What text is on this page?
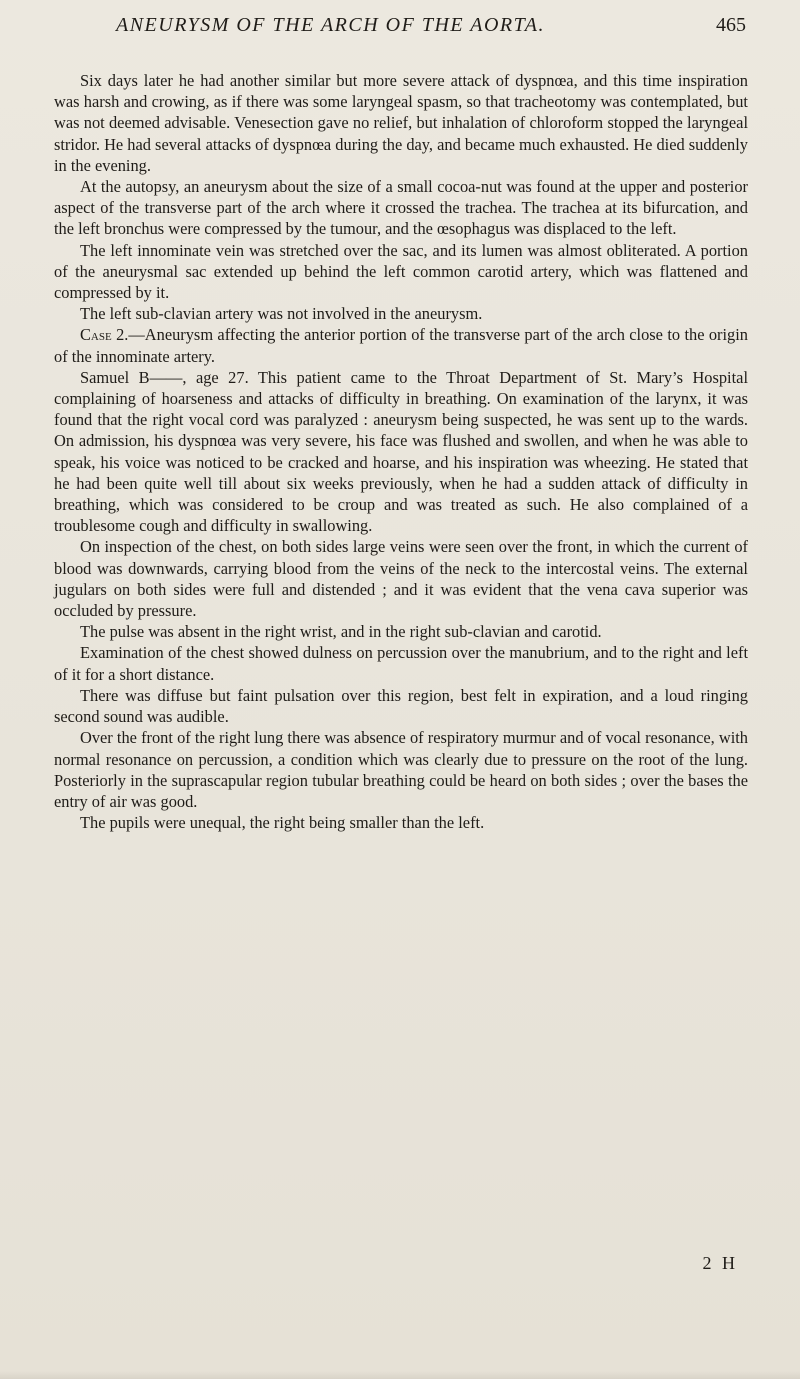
ANEURYSM OF THE ARCH OF THE AORTA.	465

Six days later he had another similar but more severe attack of dyspnœa, and this time inspiration was harsh and crowing, as if there was some laryngeal spasm, so that tracheotomy was contemplated, but was not deemed advisable. Venesection gave no relief, but inhalation of chloroform stopped the laryngeal stridor. He had several attacks of dyspnœa during the day, and became much exhausted. He died suddenly in the evening.

At the autopsy, an aneurysm about the size of a small cocoa-nut was found at the upper and posterior aspect of the transverse part of the arch where it crossed the trachea. The trachea at its bifurcation, and the left bronchus were compressed by the tumour, and the œsophagus was displaced to the left.

The left innominate vein was stretched over the sac, and its lumen was almost obliterated. A portion of the aneurysmal sac extended up behind the left common carotid artery, which was flattened and compressed by it.

The left sub-clavian artery was not involved in the aneurysm.

Case 2.—Aneurysm affecting the anterior portion of the transverse part of the arch close to the origin of the innominate artery.

Samuel B——, age 27. This patient came to the Throat Department of St. Mary’s Hospital complaining of hoarseness and attacks of difficulty in breathing. On examination of the larynx, it was found that the right vocal cord was paralyzed : aneurysm being suspected, he was sent up to the wards. On admission, his dyspnœa was very severe, his face was flushed and swollen, and when he was able to speak, his voice was noticed to be cracked and hoarse, and his inspiration was wheezing. He stated that he had been quite well till about six weeks previously, when he had a sudden attack of difficulty in breathing, which was considered to be croup and was treated as such. He also complained of a troublesome cough and difficulty in swallowing.

On inspection of the chest, on both sides large veins were seen over the front, in which the current of blood was downwards, carrying blood from the veins of the neck to the intercostal veins. The external jugulars on both sides were full and distended ; and it was evident that the vena cava superior was occluded by pressure.

The pulse was absent in the right wrist, and in the right sub-clavian and carotid.

Examination of the chest showed dulness on percussion over the manubrium, and to the right and left of it for a short distance.

There was diffuse but faint pulsation over this region, best felt in expiration, and a loud ringing second sound was audible.

Over the front of the right lung there was absence of respiratory murmur and of vocal resonance, with normal resonance on percussion, a condition which was clearly due to pressure on the root of the lung. Posteriorly in the suprascapular region tubular breathing could be heard on both sides ; over the bases the entry of air was good.

The pupils were unequal, the right being smaller than the left.

2 H
